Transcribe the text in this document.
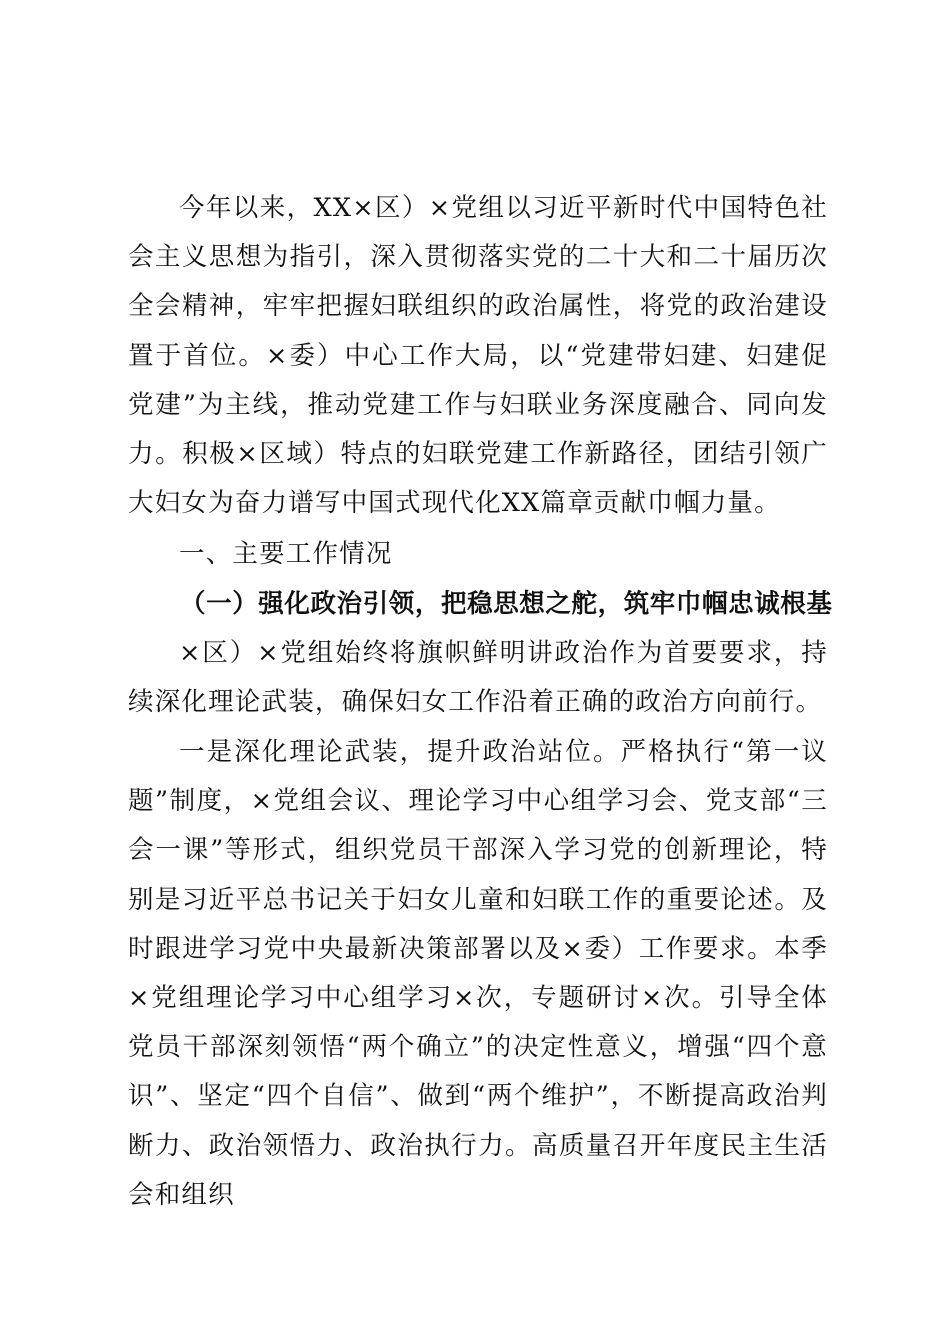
今年以来，XX×区）×党组以习近平新时代中国特色社会主义思想为指引，深入贯彻落实党的二十大和二十届历次全会精神，牢牢把握妇联组织的政治属性，将党的政治建设置于首位。×委）中心工作大局，以“党建带妇建、妇建促党建”为主线，推动党建工作与妇联业务深度融合、同向发力。积极×区域）特点的妇联党建工作新路径，团结引领广大妇女为奋力谱写中国式现代化XX篇章贡献巾帼力量。

一、主要工作情况

（一）强化政治引领，把稳思想之舵，筑牢巾帼忠诚根基

×区）×党组始终将旗帜鲜明讲政治作为首要要求，持续深化理论武装，确保妇女工作沿着正确的政治方向前行。

一是深化理论武装，提升政治站位。严格执行“第一议题”制度，×党组会议、理论学习中心组学习会、党支部“三会一课”等形式，组织党员干部深入学习党的创新理论，特别是习近平总书记关于妇女儿童和妇联工作的重要论述。及时跟进学习党中央最新决策部署以及×委）工作要求。本季×党组理论学习中心组学习×次，专题研讨×次。引导全体党员干部深刻领悟“两个确立”的决定性意义，增强“四个意识”、坚定“四个自信”、做到“两个维护”，不断提高政治判断力、政治领悟力、政治执行力。高质量召开年度民主生活会和组织
